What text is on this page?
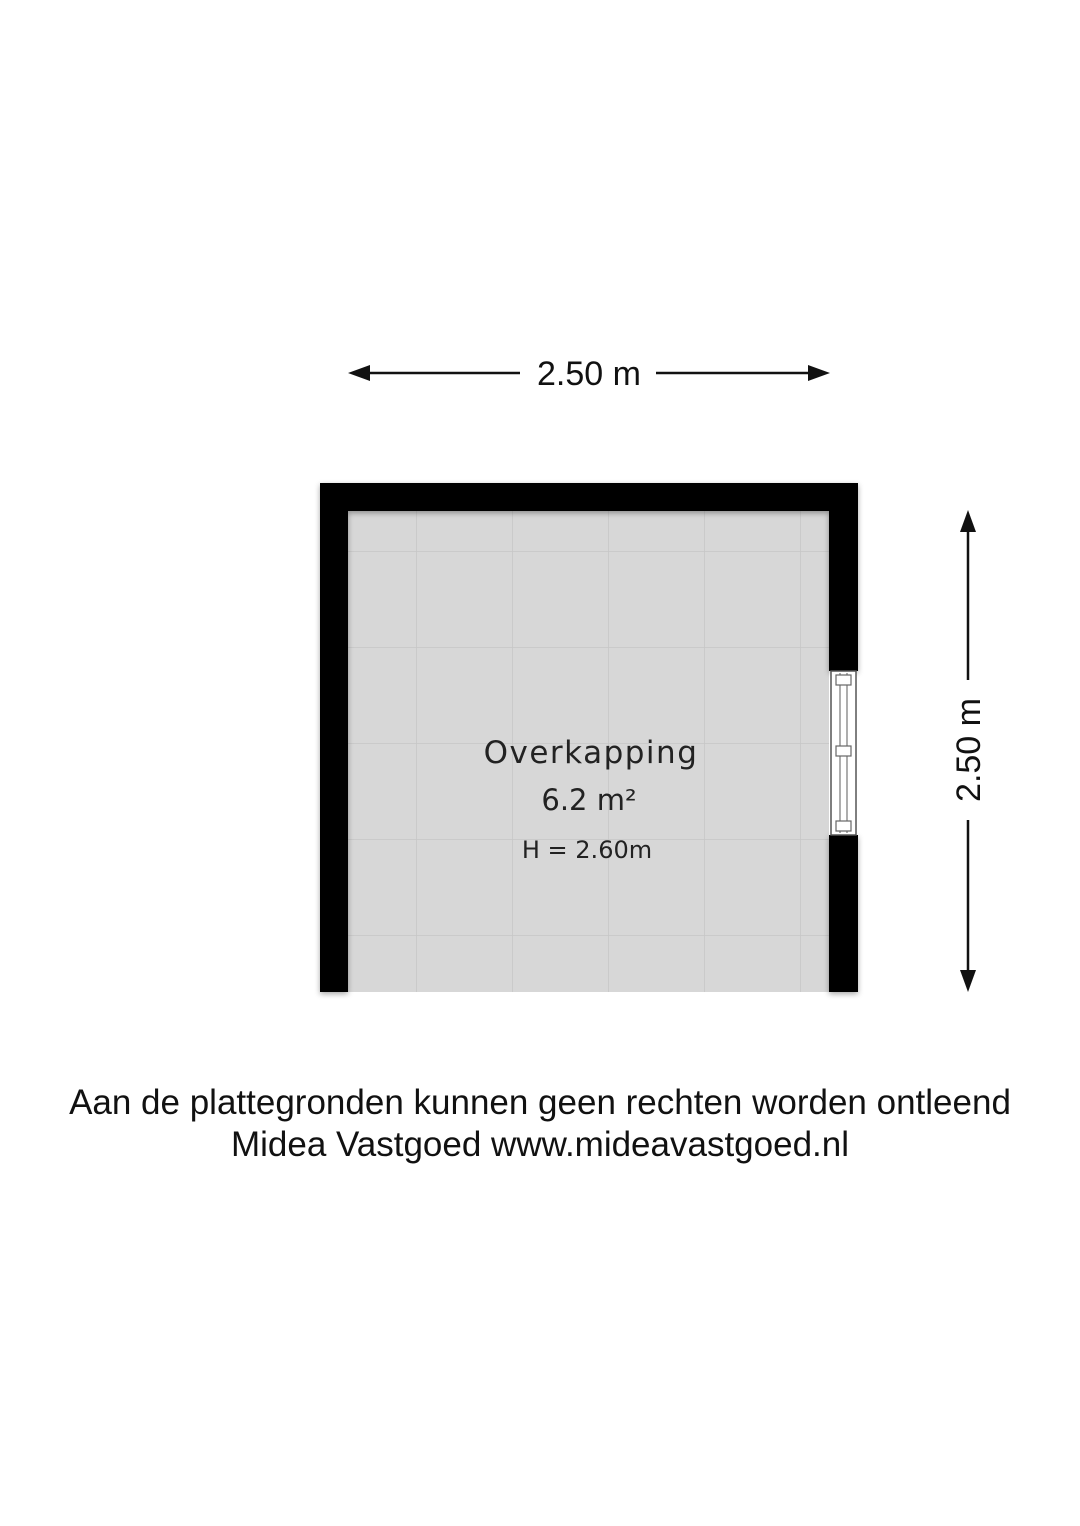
2.50 m
2.50 m
Overkapping
6.2 m²
H = 2.60m
Aan de plattegronden kunnen geen rechten worden ontleend
Midea Vastgoed www.mideavastgoed.nl
